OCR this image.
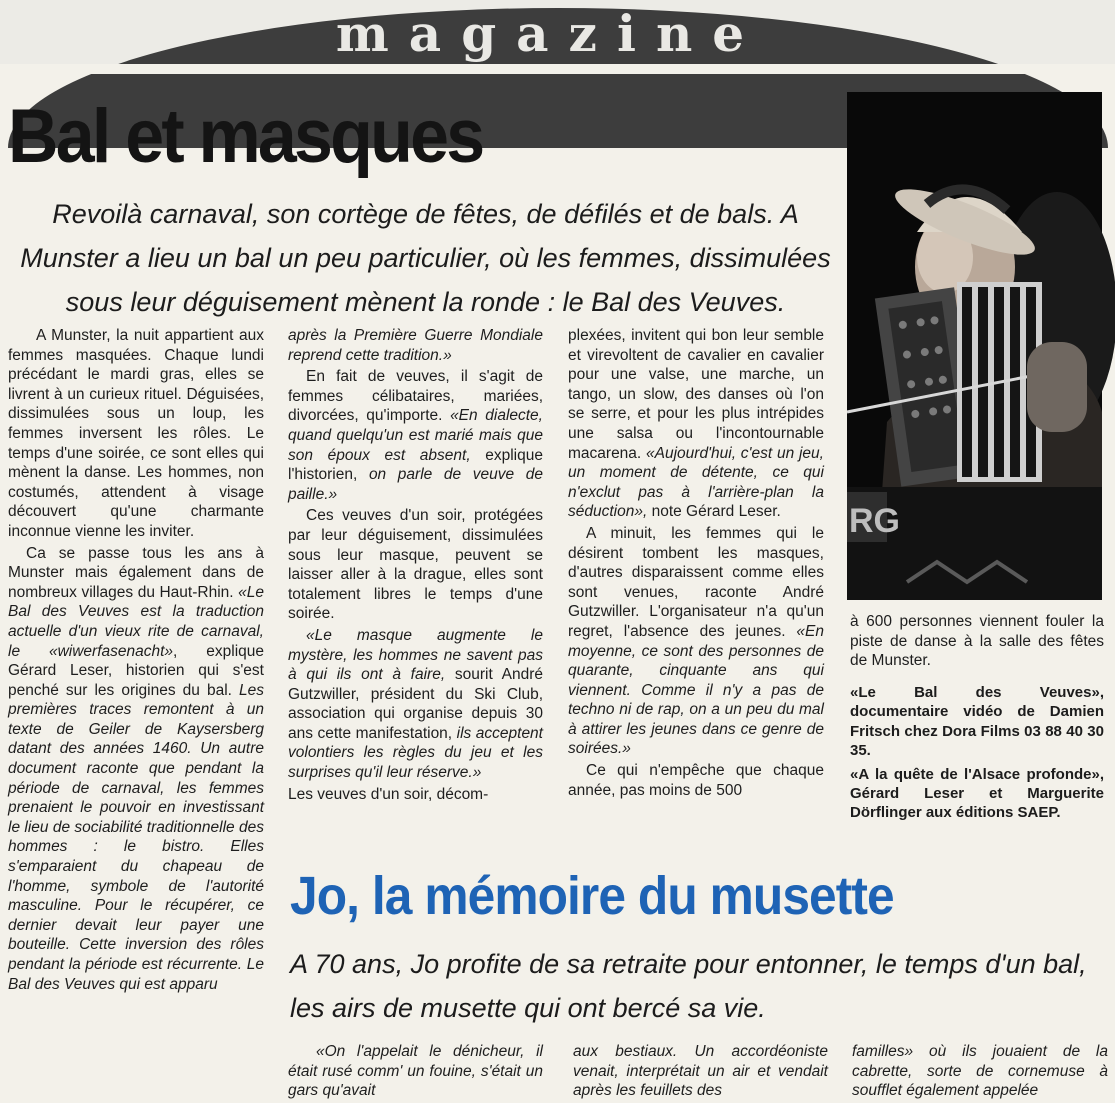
magazine
Bal et masques
Revoilà carnaval, son cortège de fêtes, de défilés et de bals. A Munster a lieu un bal un peu particulier, où les femmes, dissimulées sous leur déguisement mènent la ronde : le Bal des Veuves.

A Munster, la nuit appartient aux femmes masquées. Chaque lundi précédant le mardi gras, elles se livrent à un curieux rituel. Déguisées, dissimulées sous un loup, les femmes inversent les rôles. Le temps d'une soirée, ce sont elles qui mènent la danse. Les hommes, non costumés, attendent à visage découvert qu'une charmante inconnue vienne les inviter.

Ca se passe tous les ans à Munster mais également dans de nombreux villages du Haut-Rhin. «Le Bal des Veuves est la traduction actuelle d'un vieux rite de carnaval, le «wiwerfasenacht», explique Gérard Leser, historien qui s'est penché sur les origines du bal. Les premières traces remontent à un texte de Geiler de Kaysersberg datant des années 1460. Un autre document raconte que pendant la période de carnaval, les femmes prenaient le pouvoir en investissant le lieu de sociabilité traditionnelle des hommes : le bistro. Elles s'emparaient du chapeau de l'homme, symbole de l'autorité masculine. Pour le récupérer, ce dernier devait leur payer une bouteille. Cette inversion des rôles pendant la période est récurrente. Le Bal des Veuves qui est apparu

après la Première Guerre Mondiale reprend cette tradition.»

En fait de veuves, il s'agit de femmes célibataires, mariées, divorcées, qu'importe. «En dialecte, quand quelqu'un est marié mais que son époux est absent, explique l'historien, on parle de veuve de paille.»

Ces veuves d'un soir, protégées par leur déguisement, dissimulées sous leur masque, peuvent se laisser aller à la drague, elles sont totalement libres le temps d'une soirée.

«Le masque augmente le mystère, les hommes ne savent pas à qui ils ont à faire, sourit André Gutzwiller, président du Ski Club, association qui organise depuis 30 ans cette manifestation, ils acceptent volontiers les règles du jeu et les surprises qu'il leur réserve.»

Les veuves d'un soir, décom-

plexées, invitent qui bon leur semble et virevoltent de cavalier en cavalier pour une valse, une marche, un tango, un slow, des danses où l'on se serre, et pour les plus intrépides une salsa ou l'incontournable macarena. «Aujourd'hui, c'est un jeu, un moment de détente, ce qui n'exclut pas à l'arrière-plan la séduction», note Gérard Leser.

A minuit, les femmes qui le désirent tombent les masques, d'autres disparaissent comme elles sont venues, raconte André Gutzwiller. L'organisateur n'a qu'un regret, l'absence des jeunes. «En moyenne, ce sont des personnes de quarante, cinquante ans qui viennent. Comme il n'y a pas de techno ni de rap, on a un peu du mal à attirer les jeunes dans ce genre de soirées.»

Ce qui n'empêche que chaque année, pas moins de 500

RG

à 600 personnes viennent fouler la piste de danse à la salle des fêtes de Munster.

«Le Bal des Veuves», documentaire vidéo de Damien Fritsch chez Dora Films 03 88 40 30 35.

«A la quête de l'Alsace profonde», Gérard Leser et Marguerite Dörflinger aux éditions SAEP.

Jo, la mémoire du musette
A 70 ans, Jo profite de sa retraite pour entonner, le temps d'un bal, les airs de musette qui ont bercé sa vie.

«On l'appelait le dénicheur, il était rusé comm' un fouine, s'était un gars qu'avait

aux bestiaux. Un accordéoniste venait, interprétait un air et vendait après les feuillets des

familles» où ils jouaient de la cabrette, sorte de cornemuse à soufflet également appelée
